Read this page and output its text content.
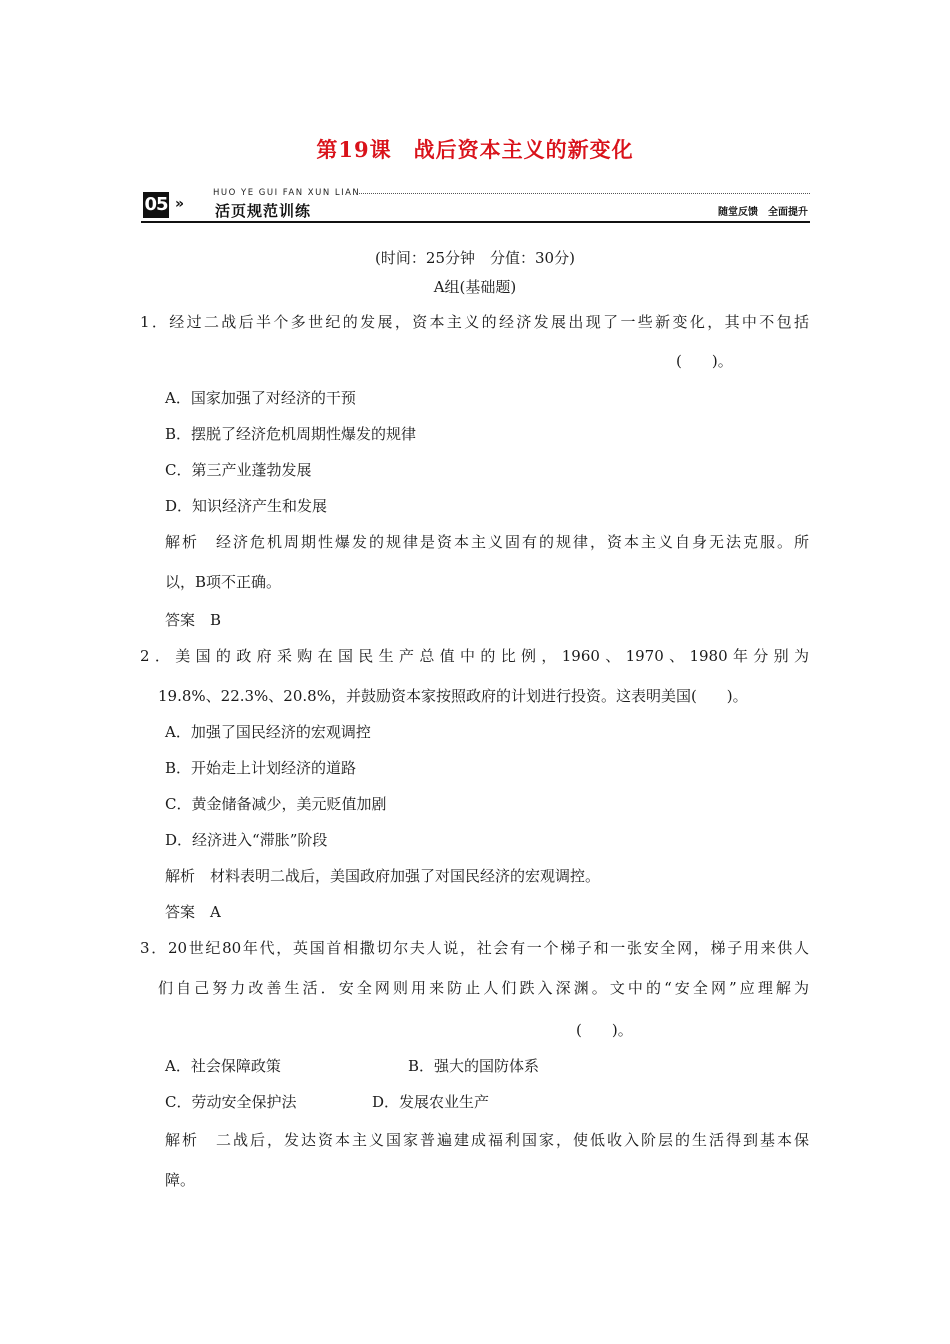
第19课　战后资本主义的新变化
05 »
HUO YE GUI FAN XUN LIAN
活页规范训练	随堂反馈　全面提升
(时间：25分钟　分值：30分)
A组(基础题)
1．经过二战后半个多世纪的发展，资本主义的经济发展出现了一些新变化，其中不包括
(　　)。
A．国家加强了对经济的干预
B．摆脱了经济危机周期性爆发的规律
C．第三产业蓬勃发展
D．知识经济产生和发展
解析　经济危机周期性爆发的规律是资本主义固有的规律，资本主义自身无法克服。所
以，B项不正确。
答案　B
2．美国的政府采购在国民生产总值中的比例，1960、1970、1980年分别为
19.8%、22.3%、20.8%，并鼓励资本家按照政府的计划进行投资。这表明美国(　　)。
A．加强了国民经济的宏观调控
B．开始走上计划经济的道路
C．黄金储备减少，美元贬值加剧
D．经济进入“滞胀”阶段
解析　材料表明二战后，美国政府加强了对国民经济的宏观调控。
答案　A
3．20世纪80年代，英国首相撒切尔夫人说，社会有一个梯子和一张安全网，梯子用来供人
们自己努力改善生活．安全网则用来防止人们跌入深渊。文中的“安全网”应理解为
(　　)。
A．社会保障政策	B．强大的国防体系
C．劳动安全保护法	D．发展农业生产
解析　二战后，发达资本主义国家普遍建成福利国家，使低收入阶层的生活得到基本保
障。
